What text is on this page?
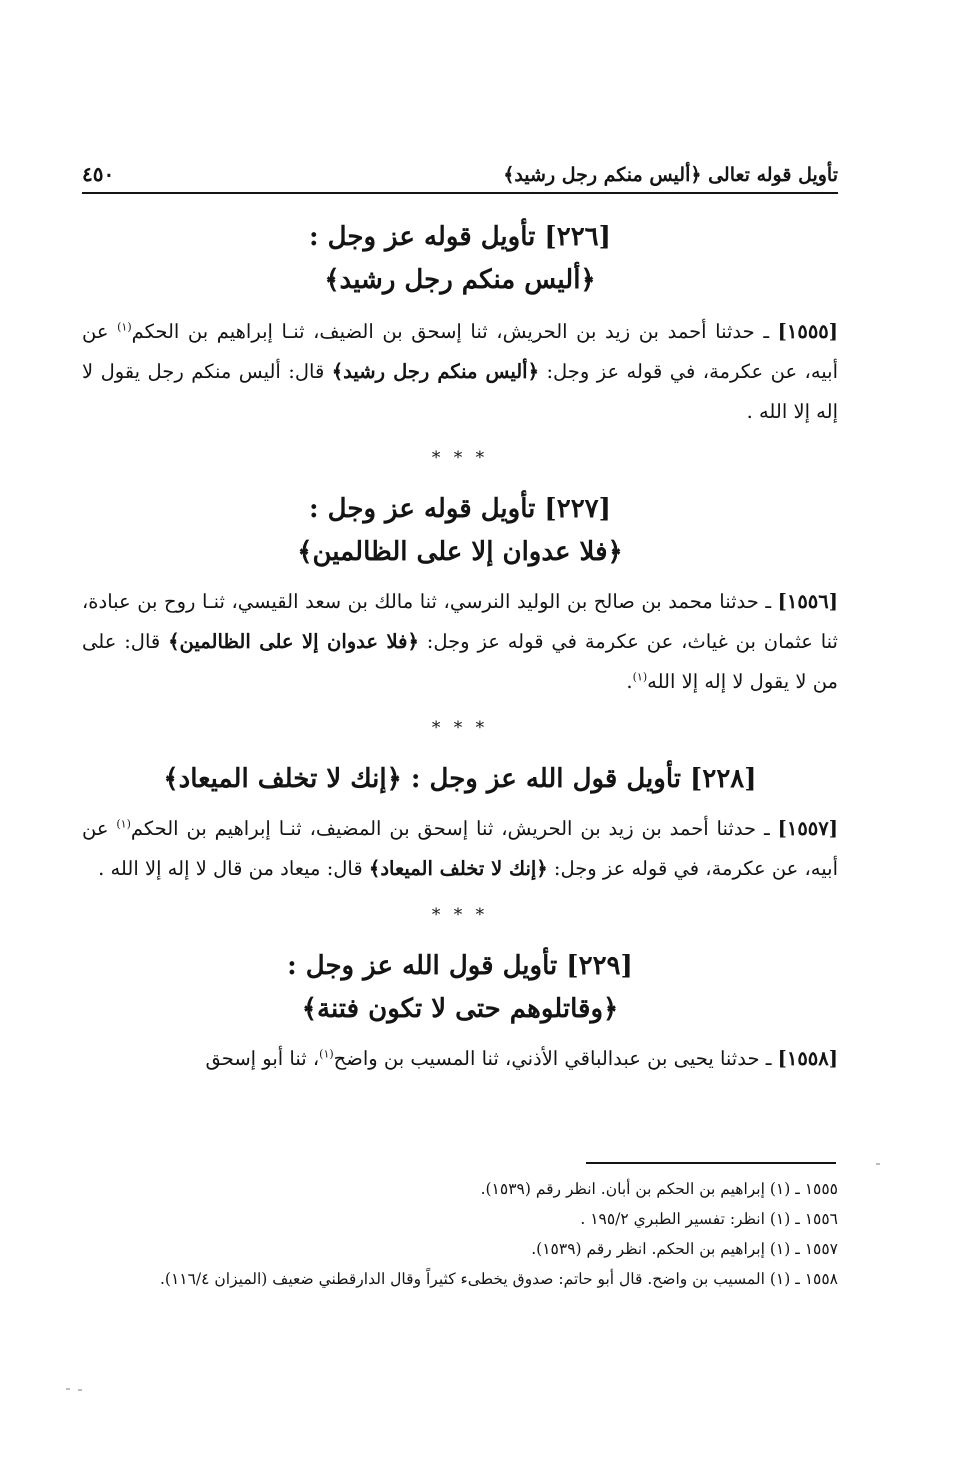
تأويل قوله تعالى ﴿أليس منكم رجل رشيد﴾
٤٥٠

[٢٢٦] تأويل قوله عز وجل :

﴿أليس منكم رجل رشيد﴾

[١٥٥٥] ـ حدثنا أحمد بن زيد بن الحريش، ثنا إسحق بن الضيف، ثنـا إبراهيم بن الحكم$^{(١)}$ عن أبيه، عن عكرمة، في قوله عز وجل: ﴿أليس منكم رجل رشيد﴾ قال: أليس منكم رجل يقول لا إله إلا الله .

* * *

[٢٢٧] تأويل قوله عز وجل :

﴿فلا عدوان إلا على الظالمين﴾

[١٥٥٦] ـ حدثنا محمد بن صالح بن الوليد النرسي، ثنا مالك بن سعد القيسي، ثنـا روح بن عبادة، ثنا عثمان بن غياث، عن عكرمة في قوله عز وجل: ﴿فلا عدوان إلا على الظالمين﴾ قال: على من لا يقول لا إله إلا الله$^{(١)}$.

* * *

[٢٢٨] تأويل قول الله عز وجل : ﴿إنك لا تخلف الميعاد﴾

[١٥٥٧] ـ حدثنا أحمد بن زيد بن الحريش، ثنا إسحق بن المضيف، ثنـا إبراهيم بن الحكم$^{(١)}$ عن أبيه، عن عكرمة، في قوله عز وجل: ﴿إنك لا تخلف الميعاد﴾ قال: ميعاد من قال لا إله إلا الله .

* * *

[٢٢٩] تأويل قول الله عز وجل :

﴿وقاتلوهم حتى لا تكون فتنة﴾

[١٥٥٨] ـ حدثنا يحيى بن عبدالباقي الأذني، ثنا المسيب بن واضح$^{(١)}$، ثنا أبو إسحق

١٥٥٥ ـ (١) إبراهيم بن الحكم بن أبان. انظر رقم (١٥٣٩).

١٥٥٦ ـ (١) انظر: تفسير الطبري ١٩٥/٢ .

١٥٥٧ ـ (١) إبراهيم بن الحكم. انظر رقم (١٥٣٩).

١٥٥٨ ـ (١) المسيب بن واضح. قال أبو حاتم: صدوق يخطىء كثيراً وقال الدارقطني ضعيف (الميزان ١١٦/٤).
